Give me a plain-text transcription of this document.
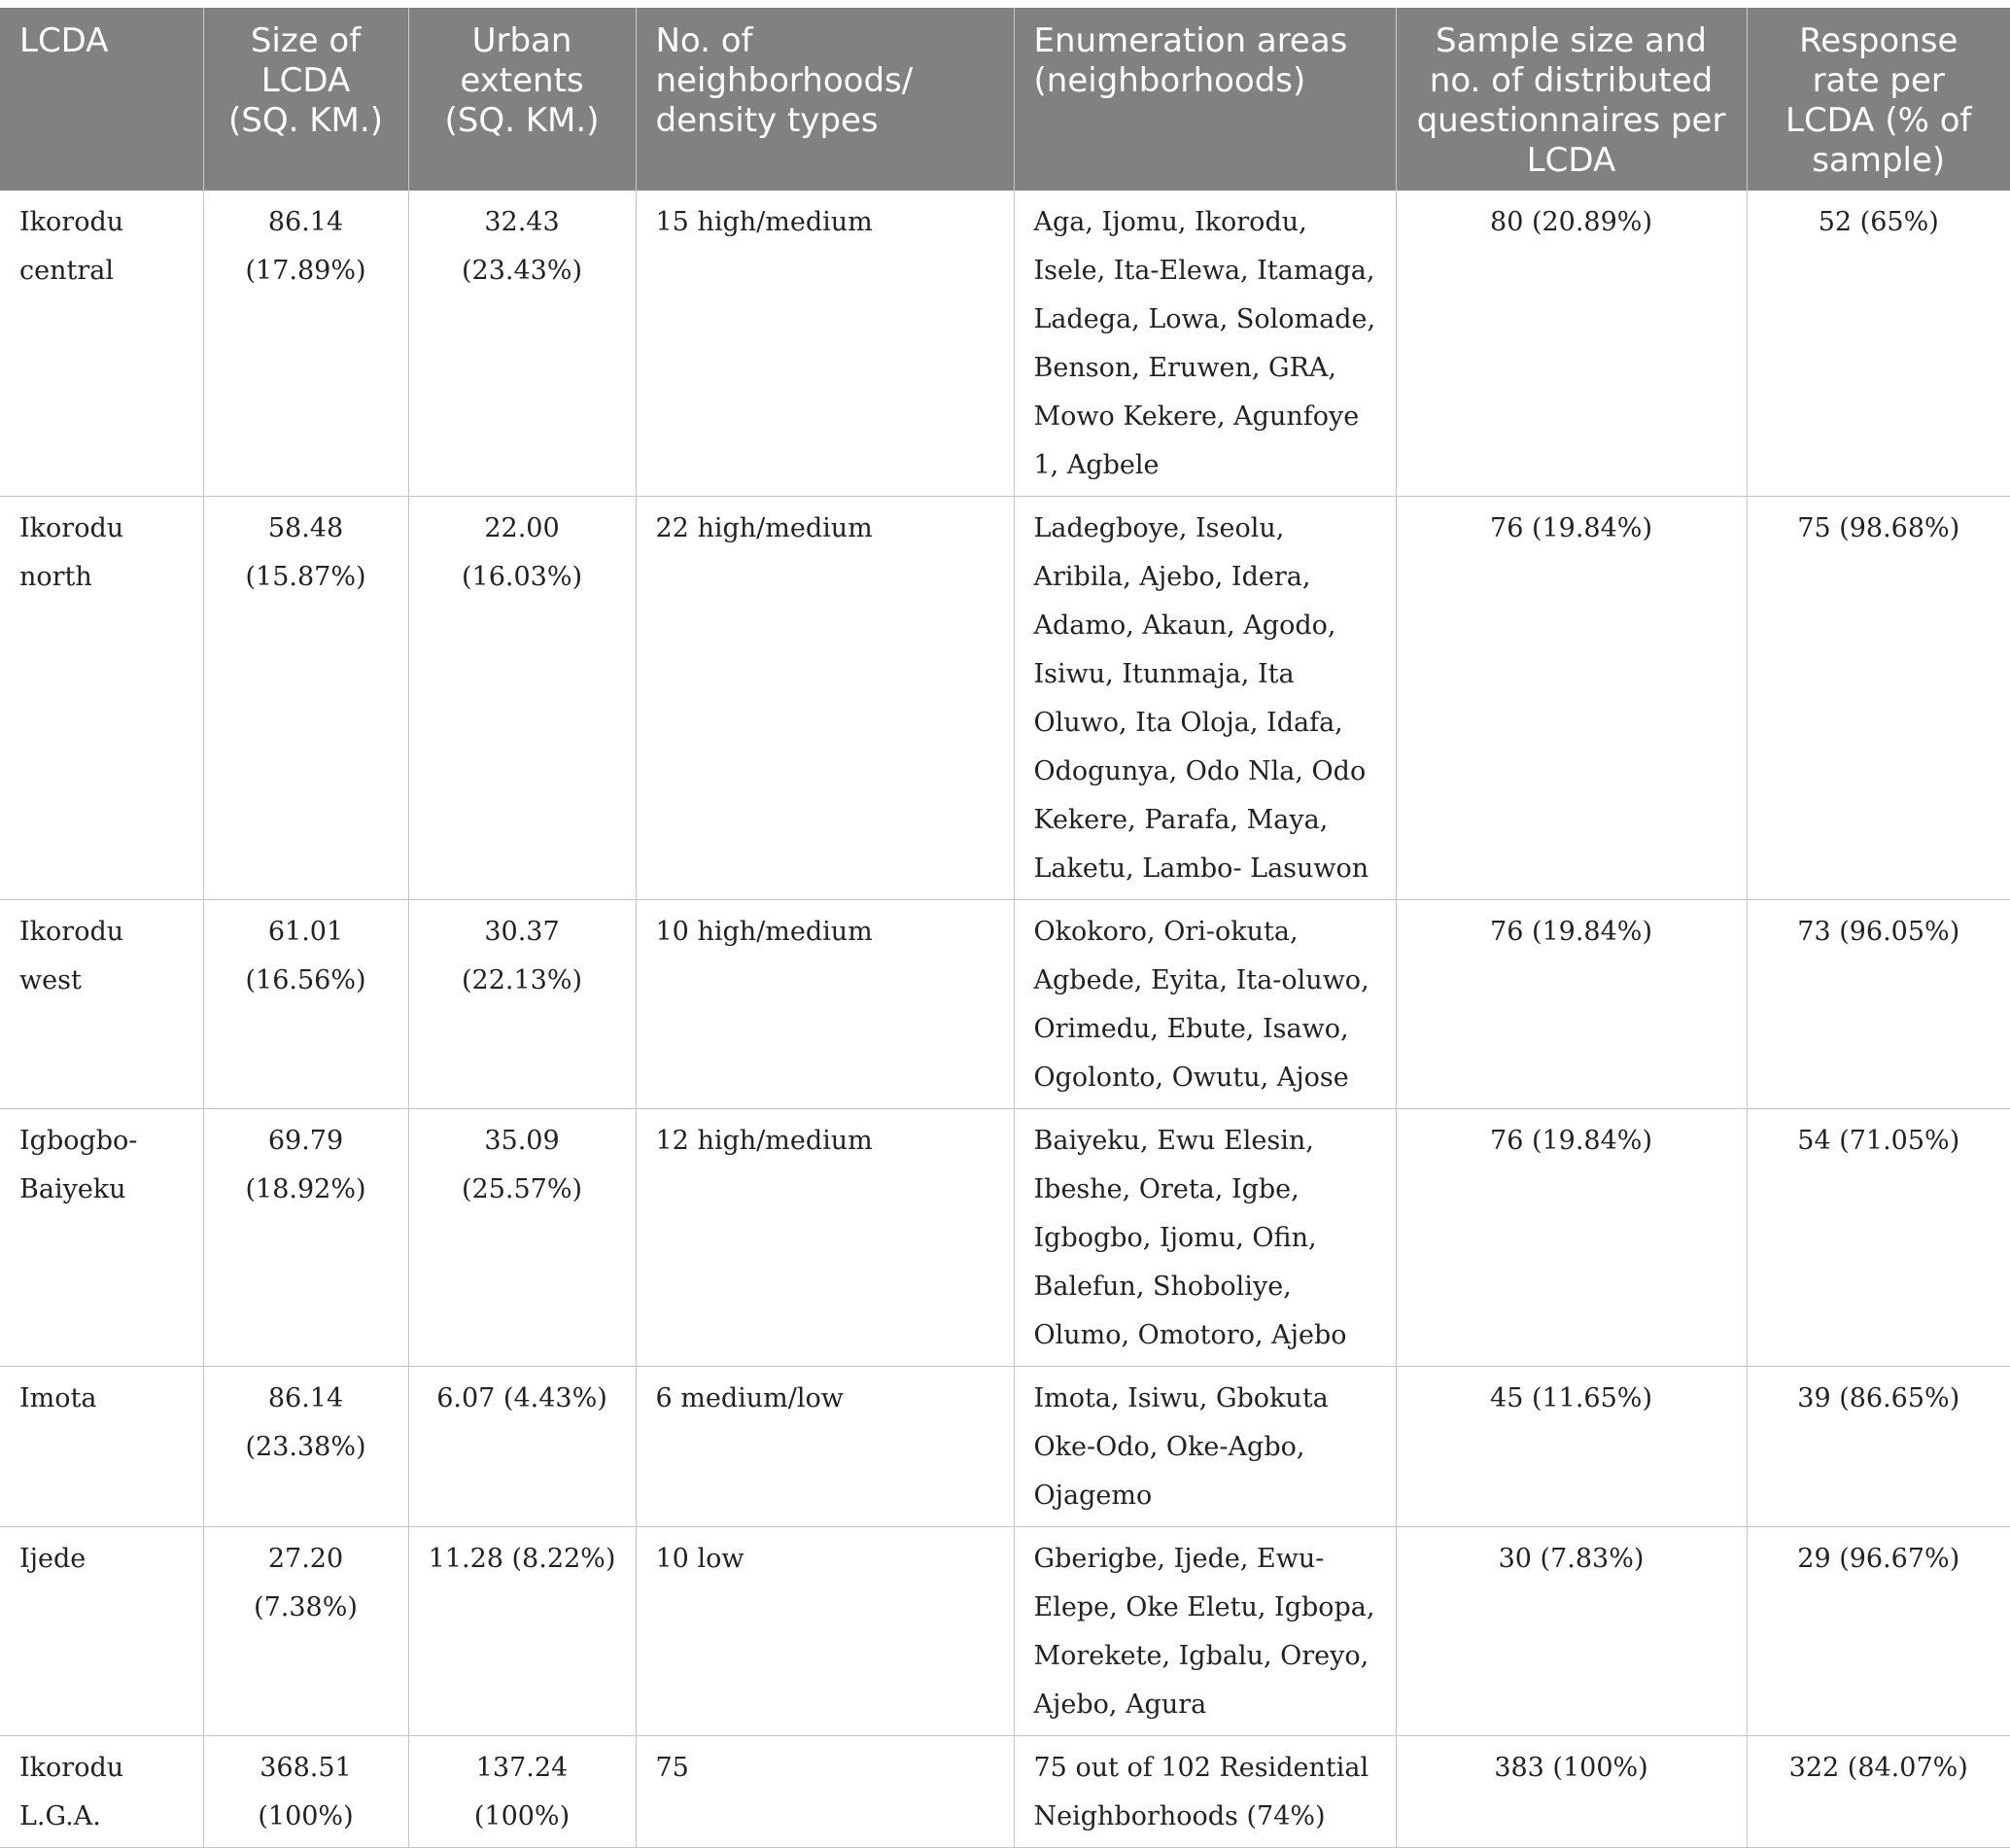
LCDA	Size of LCDA (SQ. KM.)	Urban extents (SQ. KM.)	No. of neighborhoods/ density types	Enumeration areas (neighborhoods)	Sample size and no. of distributed questionnaires per LCDA	Response rate per LCDA (% of sample)
Ikorodu central	86.14 (17.89%)	32.43 (23.43%)	15 high/medium	Aga, Ijomu, Ikorodu, Isele, Ita-Elewa, Itamaga, Ladega, Lowa, Solomade, Benson, Eruwen, GRA, Mowo Kekere, Agunfoye 1, Agbele	80 (20.89%)	52 (65%)
Ikorodu north	58.48 (15.87%)	22.00 (16.03%)	22 high/medium	Ladegboye, Iseolu, Aribila, Ajebo, Idera, Adamo, Akaun, Agodo, Isiwu, Itunmaja, Ita Oluwo, Ita Oloja, Idafa, Odogunya, Odo Nla, Odo Kekere, Parafa, Maya, Laketu, Lambo- Lasuwon	76 (19.84%)	75 (98.68%)
Ikorodu west	61.01 (16.56%)	30.37 (22.13%)	10 high/medium	Okokoro, Ori-okuta, Agbede, Eyita, Ita-oluwo, Orimedu, Ebute, Isawo, Ogolonto, Owutu, Ajose	76 (19.84%)	73 (96.05%)
Igbogbo-Baiyeku	69.79 (18.92%)	35.09 (25.57%)	12 high/medium	Baiyeku, Ewu Elesin, Ibeshe, Oreta, Igbe, Igbogbo, Ijomu, Ofin, Balefun, Shoboliye, Olumo, Omotoro, Ajebo	76 (19.84%)	54 (71.05%)
Imota	86.14 (23.38%)	6.07 (4.43%)	6 medium/low	Imota, Isiwu, Gbokuta Oke-Odo, Oke-Agbo, Ojagemo	45 (11.65%)	39 (86.65%)
Ijede	27.20 (7.38%)	11.28 (8.22%)	10 low	Gberigbe, Ijede, Ewu-Elepe, Oke Eletu, Igbopa, Morekete, Igbalu, Oreyo, Ajebo, Agura	30 (7.83%)	29 (96.67%)
Ikorodu L.G.A.	368.51 (100%)	137.24 (100%)	75	75 out of 102 Residential Neighborhoods (74%)	383 (100%)	322 (84.07%)
